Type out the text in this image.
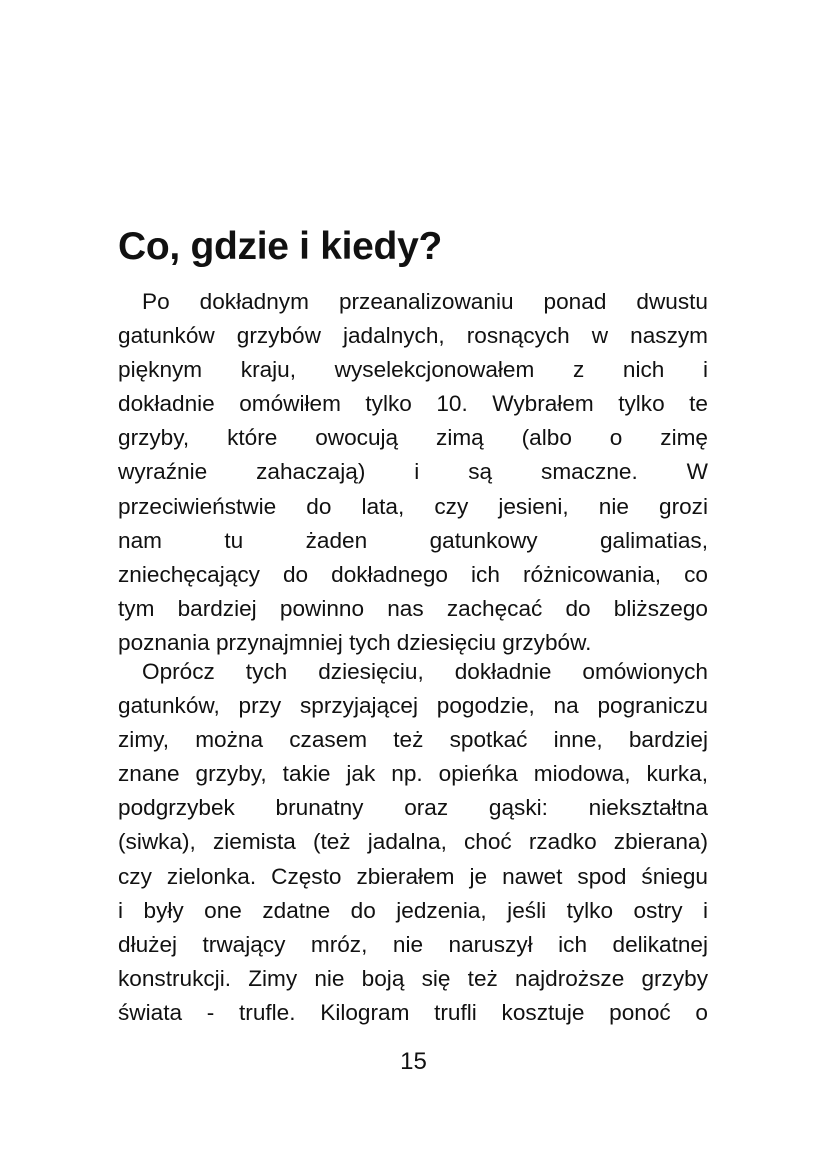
Co, gdzie i kiedy?
Po dokładnym przeanalizowaniu ponad dwustu
gatunków grzybów jadalnych, rosnących w naszym
pięknym kraju, wyselekcjonowałem z nich i
dokładnie omówiłem tylko 10. Wybrałem tylko te
grzyby, które owocują zimą (albo o zimę
wyraźnie zahaczają) i są smaczne. W
przeciwieństwie do lata, czy jesieni, nie grozi
nam tu żaden gatunkowy galimatias,
zniechęcający do dokładnego ich różnicowania, co
tym bardziej powinno nas zachęcać do bliższego
poznania przynajmniej tych dziesięciu grzybów.
Oprócz tych dziesięciu, dokładnie omówionych
gatunków, przy sprzyjającej pogodzie, na pograniczu
zimy, można czasem też spotkać inne, bardziej
znane grzyby, takie jak np. opieńka miodowa, kurka,
podgrzybek brunatny oraz gąski: niekształtna
(siwka), ziemista (też jadalna, choć rzadko zbierana)
czy zielonka. Często zbierałem je nawet spod śniegu
i były one zdatne do jedzenia, jeśli tylko ostry i
dłużej trwający mróz, nie naruszył ich delikatnej
konstrukcji. Zimy nie boją się też najdroższe grzyby
świata - trufle. Kilogram trufli kosztuje ponoć o
15
